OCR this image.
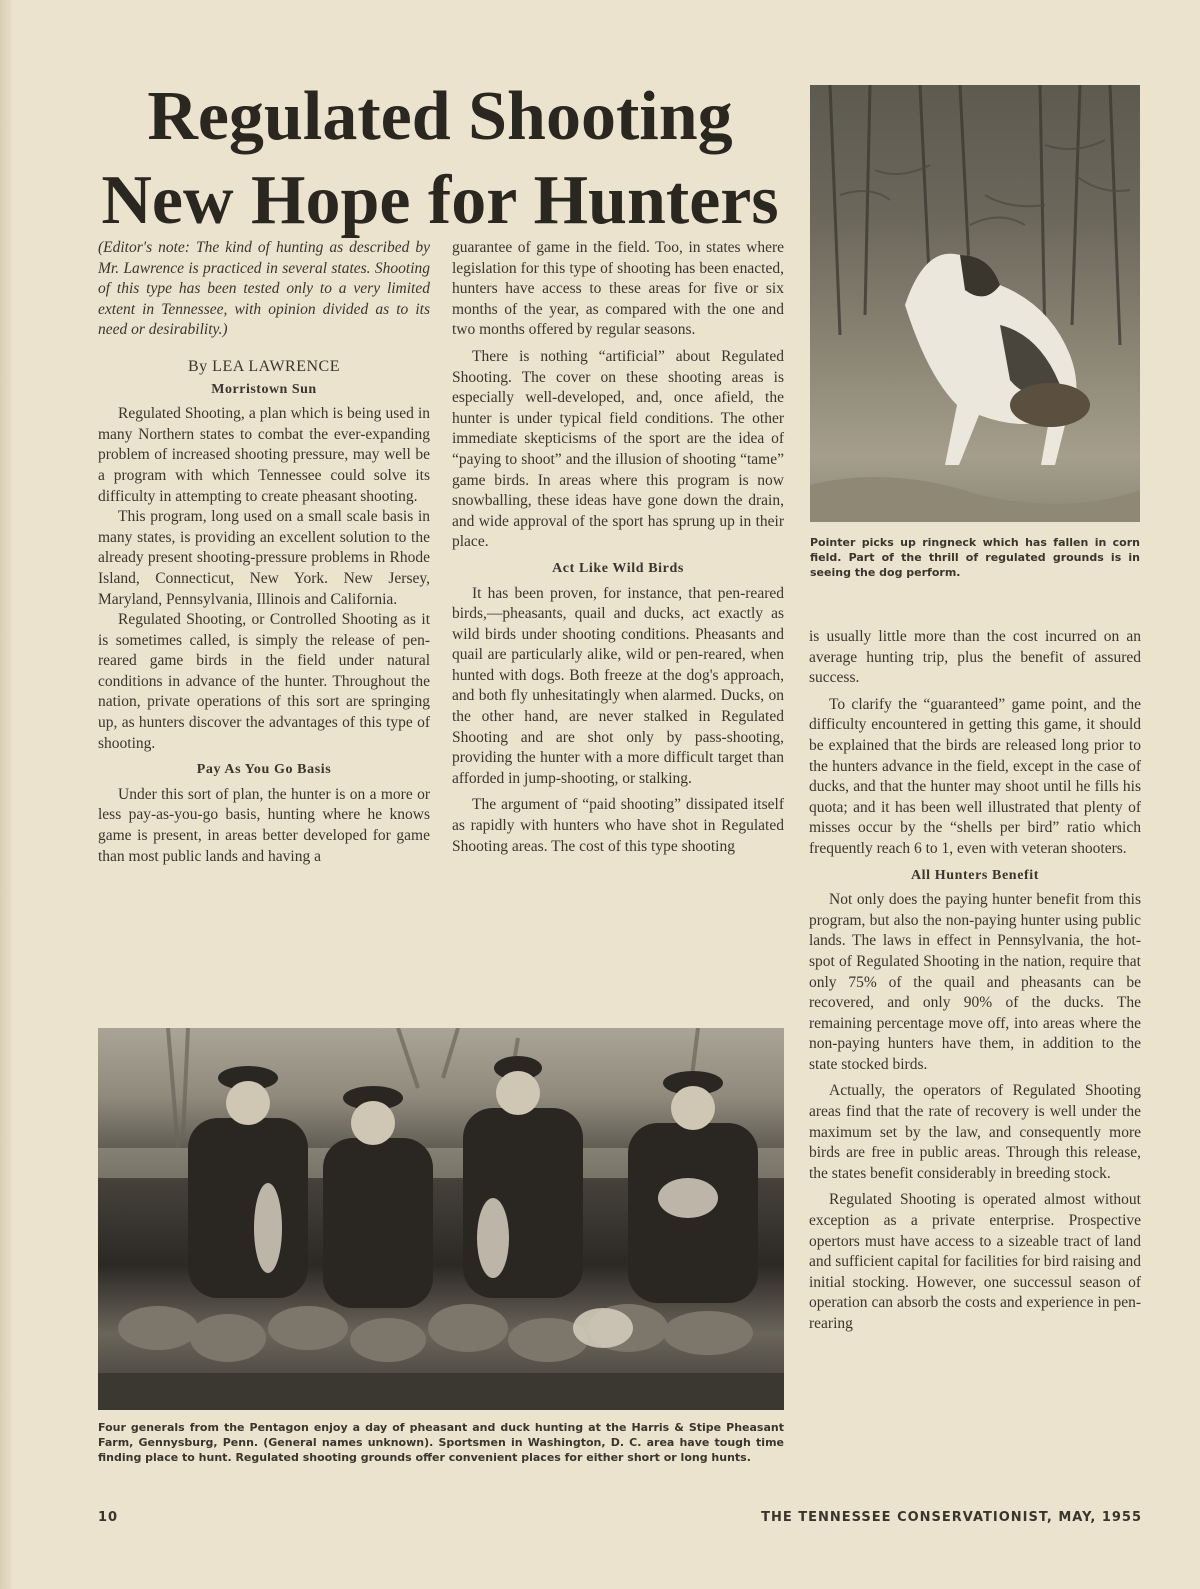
Regulated Shooting
New Hope for Hunters

(Editor's note: The kind of hunting as described by Mr. Lawrence is practiced in several states. Shooting of this type has been tested only to a very limited extent in Tennessee, with opinion divided as to its need or desirability.)

By LEA LAWRENCE
Morristown Sun

Regulated Shooting, a plan which is being used in many Northern states to combat the ever-expanding problem of increased shooting pressure, may well be a program with which Tennessee could solve its difficulty in attempting to create pheasant shooting.

This program, long used on a small scale basis in many states, is providing an excellent solution to the already present shooting-pressure problems in Rhode Island, Connecticut, New York. New Jersey, Maryland, Pennsylvania, Illinois and California.

Regulated Shooting, or Controlled Shooting as it is sometimes called, is simply the release of pen-reared game birds in the field under natural conditions in advance of the hunter. Throughout the nation, private operations of this sort are springing up, as hunters discover the advantages of this type of shooting.

Pay As You Go Basis

Under this sort of plan, the hunter is on a more or less pay-as-you-go basis, hunting where he knows game is present, in areas better developed for game than most public lands and having a

guarantee of game in the field. Too, in states where legislation for this type of shooting has been enacted, hunters have access to these areas for five or six months of the year, as compared with the one and two months offered by regular seasons.

There is nothing “artificial” about Regulated Shooting. The cover on these shooting areas is especially well-developed, and, once afield, the hunter is under typical field conditions. The other immediate skepticisms of the sport are the idea of “paying to shoot” and the illusion of shooting “tame” game birds. In areas where this program is now snowballing, these ideas have gone down the drain, and wide approval of the sport has sprung up in their place.

Act Like Wild Birds

It has been proven, for instance, that pen-reared birds,—pheasants, quail and ducks, act exactly as wild birds under shooting conditions. Pheasants and quail are particularly alike, wild or pen-reared, when hunted with dogs. Both freeze at the dog's approach, and both fly unhesitatingly when alarmed. Ducks, on the other hand, are never stalked in Regulated Shooting and are shot only by pass-shooting, providing the hunter with a more difficult target than afforded in jump-shooting, or stalking.

The argument of “paid shooting” dissipated itself as rapidly with hunters who have shot in Regulated Shooting areas. The cost of this type shooting

Pointer picks up ringneck which has fallen in corn field. Part of the thrill of regulated grounds is in seeing the dog perform.

is usually little more than the cost incurred on an average hunting trip, plus the benefit of assured success.

To clarify the “guaranteed” game point, and the difficulty encountered in getting this game, it should be explained that the birds are released long prior to the hunters advance in the field, except in the case of ducks, and that the hunter may shoot until he fills his quota; and it has been well illustrated that plenty of misses occur by the “shells per bird” ratio which frequently reach 6 to 1, even with veteran shooters.

All Hunters Benefit

Not only does the paying hunter benefit from this program, but also the non-paying hunter using public lands. The laws in effect in Pennsylvania, the hot-spot of Regulated Shooting in the nation, require that only 75% of the quail and pheasants can be recovered, and only 90% of the ducks. The remaining percentage move off, into areas where the non-paying hunters have them, in addition to the state stocked birds.

Actually, the operators of Regulated Shooting areas find that the rate of recovery is well under the maximum set by the law, and consequently more birds are free in public areas. Through this release, the states benefit considerably in breeding stock.

Regulated Shooting is operated almost without exception as a private enterprise. Prospective opertors must have access to a sizeable tract of land and sufficient capital for facilities for bird raising and initial stocking. However, one successul season of operation can absorb the costs and experience in pen-rearing

Four generals from the Pentagon enjoy a day of pheasant and duck hunting at the Harris & Stipe Pheasant Farm, Gennysburg, Penn. (General names unknown). Sportsmen in Washington, D. C. area have tough time finding place to hunt. Regulated shooting grounds offer convenient places for either short or long hunts.
10	THE TENNESSEE CONSERVATIONIST, MAY, 1955
